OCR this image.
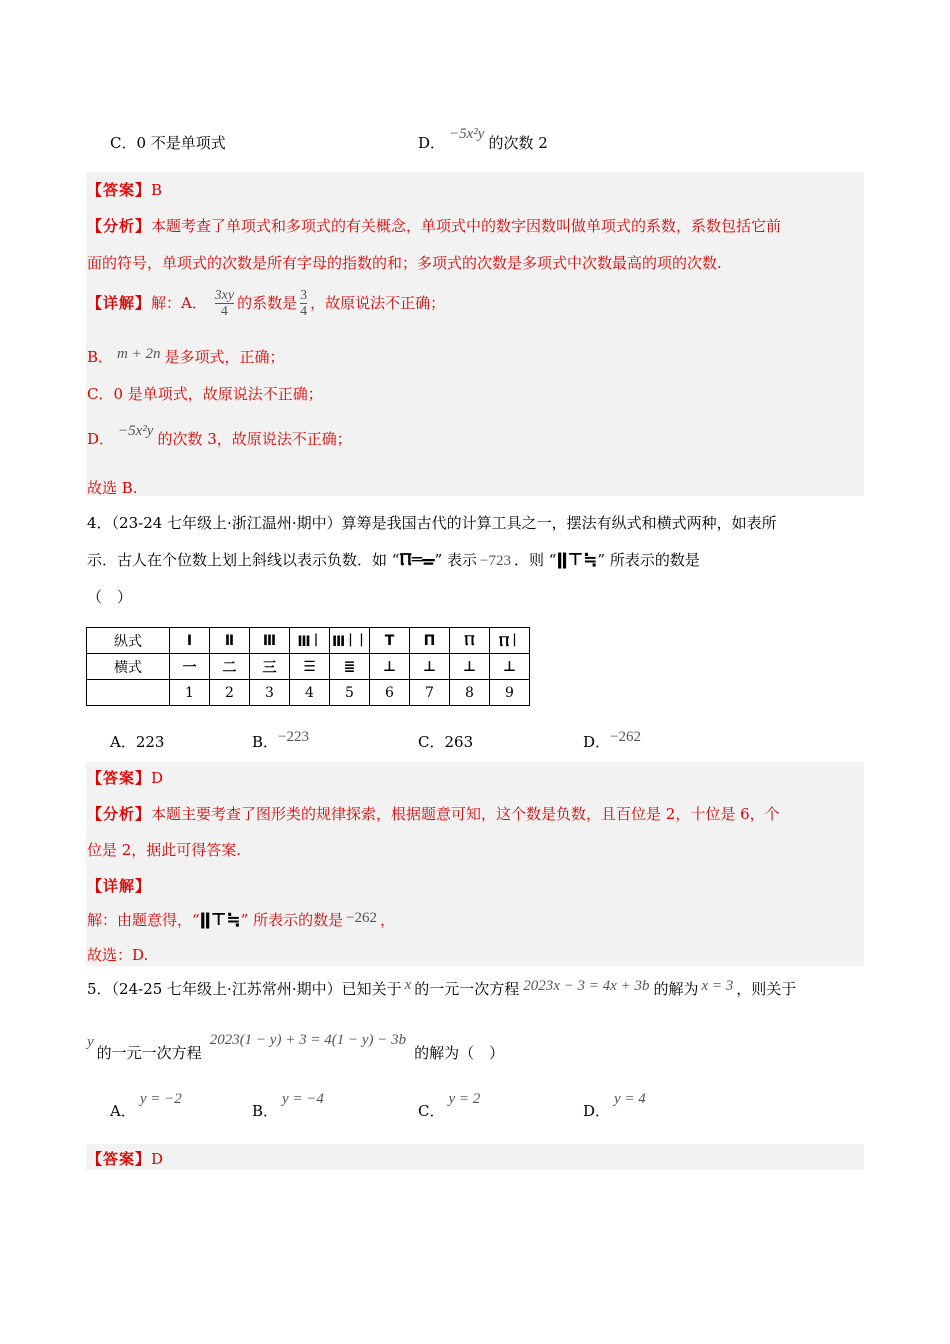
C．0 不是单项式	D． −5x²y 的次数 2
【答案】B
【分析】本题考查了单项式和多项式的有关概念，单项式中的数字因数叫做单项式的系数，系数包括它前
面的符号，单项式的次数是所有字母的指数的和；多项式的次数是多项式中次数最高的项的次数.
【详解】解：A． $\frac{3xy}{4}$ 的系数是 $\frac{3}{4}$ ，故原说法不正确；
B． m + 2n 是多项式，正确；
C．0 是单项式，故原说法不正确；
D． −5x²y 的次数 3，故原说法不正确；
故选 B.
4．（23-24 七年级上·浙江温州·期中）算筹是我国古代的计算工具之一，摆法有纵式和横式两种，如表所
示．古人在个位数上划上斜线以表示负数．如 “Ⲡ═ᚚ” 表示 −723 ．则 “ǁ⊤≒” 所表示的数是
（　）
纵式	Ⅰ	Ⅱ	Ⅲ	Ⅲ꒐	Ⅲ꒐꒐	Т	Π	Ⲡ	Ⲡ꒐
横式	一	二	三	☰	≣	⊥	⊥	⊥	⊥
	1	2	3	4	5	6	7	8	9
A．223	B．−223	C．263	D．−262
【答案】D
【分析】本题主要考查了图形类的规律探索，根据题意可知，这个数是负数，且百位是 2，十位是 6，个
位是 2，据此可得答案.
【详解】
解：由题意得，“ǁ⊤≒” 所表示的数是 −262 ，
故选：D.
5．（24-25 七年级上·江苏常州·期中）已知关于 x 的一元一次方程 2023x − 3 = 4x + 3b 的解为 x = 3 ，则关于
y的一元一次方程2023(1 − y) + 3 = 4(1 − y) − 3b的解为（　）
A．y = −2
B．y = −4
C．y = 2
D．y = 4
【答案】D
